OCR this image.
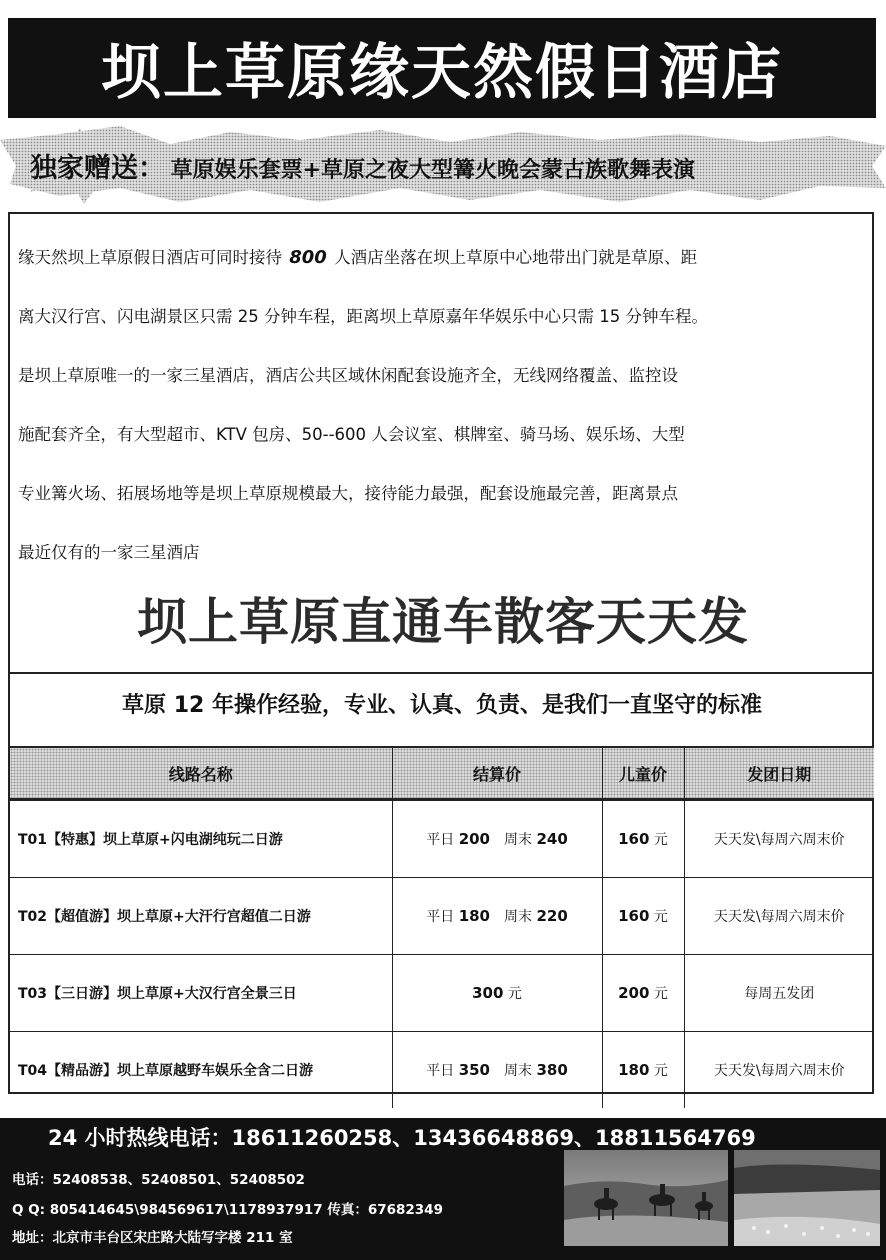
坝上草原缘天然假日酒店
独家赠送： 草原娱乐套票+草原之夜大型篝火晚会蒙古族歌舞表演
缘天然坝上草原假日酒店可同时接待 800 人酒店坐落在坝上草原中心地带出门就是草原、距
离大汉行宫、闪电湖景区只需 25 分钟车程，距离坝上草原嘉年华娱乐中心只需 15 分钟车程。
是坝上草原唯一的一家三星酒店，酒店公共区域休闲配套设施齐全，无线网络覆盖、监控设
施配套齐全，有大型超市、KTV 包房、50--600 人会议室、棋牌室、骑马场、娱乐场、大型
专业篝火场、拓展场地等是坝上草原规模最大，接待能力最强，配套设施最完善，距离景点
最近仅有的一家三星酒店
坝上草原直通车散客天天发
草原 12 年操作经验，专业、认真、负责、是我们一直坚守的标准
线路名称	结算价	儿童价	发团日期
T01【特惠】坝上草原+闪电湖纯玩二日游	平日 200 周末 240	160 元	天天发\每周六周末价
T02【超值游】坝上草原+大汗行宫超值二日游	平日 180 周末 220	160 元	天天发\每周六周末价
T03【三日游】坝上草原+大汉行宫全景三日	300 元	200 元	每周五发团
T04【精品游】坝上草原越野车娱乐全含二日游	平日 350 周末 380	180 元	天天发\每周六周末价
24 小时热线电话：18611260258、13436648869、18811564769
电话：52408538、52408501、52408502
Q Q: 805414645\984569617\1178937917 传真：67682349
地址：北京市丰台区宋庄路大陆写字楼 211 室
